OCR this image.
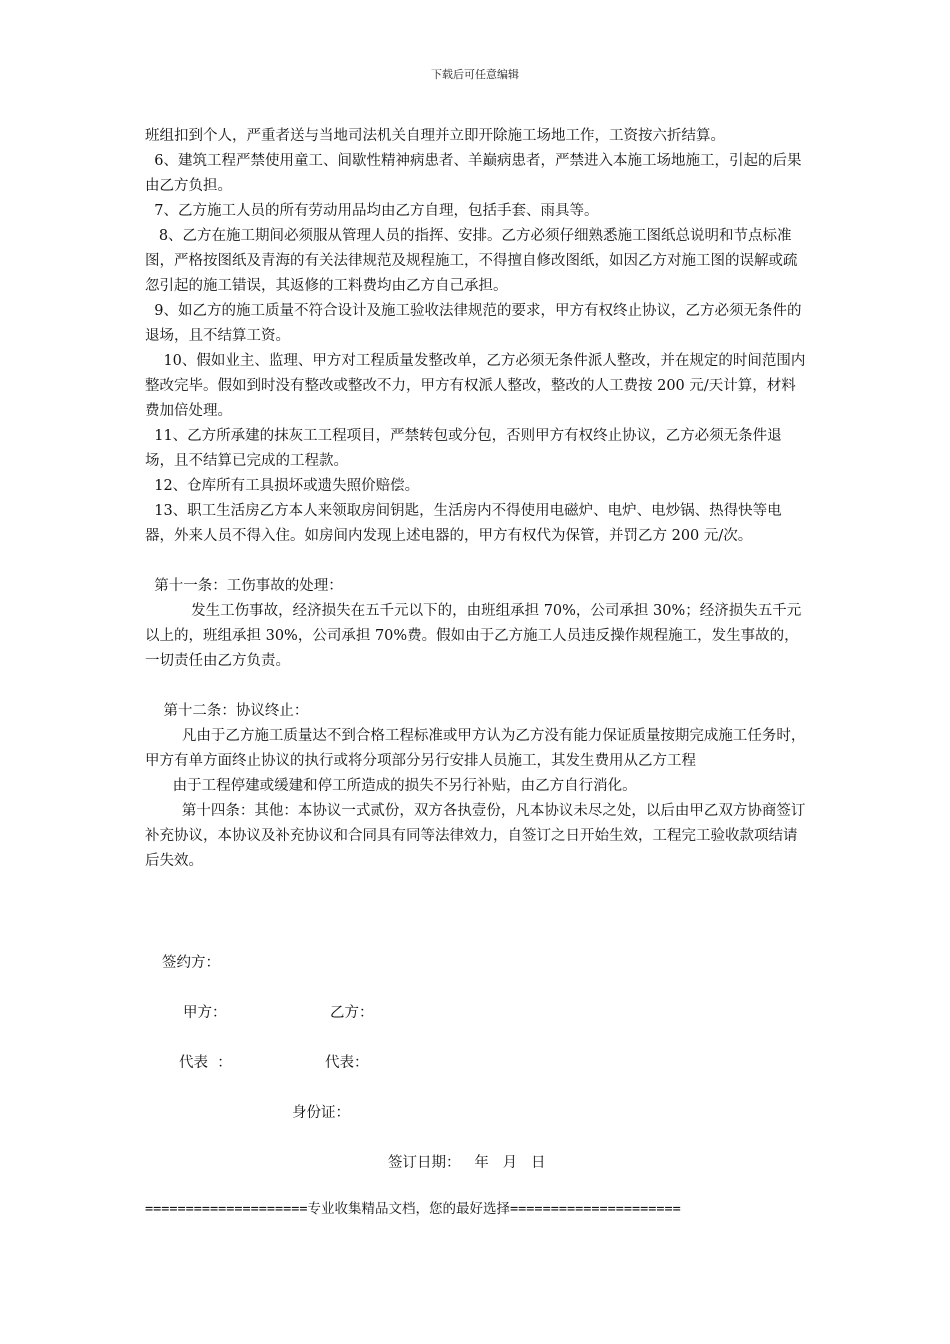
下载后可任意编辑

班组扣到个人，严重者送与当地司法机关自理并立即开除施工场地工作，工资按六折结算。

6、建筑工程严禁使用童工、间歇性精神病患者、羊巅病患者，严禁进入本施工场地施工，引起的后果由乙方负担。

7、乙方施工人员的所有劳动用品均由乙方自理，包括手套、雨具等。

8、乙方在施工期间必须服从管理人员的指挥、安排。乙方必须仔细熟悉施工图纸总说明和节点标准图，严格按图纸及青海的有关法律规范及规程施工，不得擅自修改图纸，如因乙方对施工图的误解或疏忽引起的施工错误，其返修的工料费均由乙方自己承担。

9、如乙方的施工质量不符合设计及施工验收法律规范的要求，甲方有权终止协议，乙方必须无条件的退场，且不结算工资。

10、假如业主、监理、甲方对工程质量发整改单，乙方必须无条件派人整改，并在规定的时间范围内整改完毕。假如到时没有整改或整改不力，甲方有权派人整改，整改的人工费按 200 元/天计算，材料费加倍处理。

11、乙方所承建的抹灰工工程项目，严禁转包或分包，否则甲方有权终止协议，乙方必须无条件退场，且不结算已完成的工程款。

12、仓库所有工具损坏或遗失照价赔偿。

13、职工生活房乙方本人来领取房间钥匙，生活房内不得使用电磁炉、电炉、电炒锅、热得快等电器，外来人员不得入住。如房间内发现上述电器的，甲方有权代为保管，并罚乙方 200 元/次。

第十一条：工伤事故的处理：

发生工伤事故，经济损失在五千元以下的，由班组承担 70%，公司承担 30%；经济损失五千元以上的，班组承担 30%，公司承担 70%费。假如由于乙方施工人员违反操作规程施工，发生事故的，一切责任由乙方负责。

第十二条：协议终止：

凡由于乙方施工质量达不到合格工程标准或甲方认为乙方没有能力保证质量按期完成施工任务时，甲方有单方面终止协议的执行或将分项部分另行安排人员施工，其发生费用从乙方工程

由于工程停建或缓建和停工所造成的损失不另行补贴，由乙方自行消化。

第十四条：其他：本协议一式贰份，双方各执壹份，凡本协议未尽之处，以后由甲乙双方协商签订补充协议，本协议及补充协议和合同具有同等法律效力，自签订之日开始生效，工程完工验收款项结请后失效。

签约方：
甲方：	乙方：
代表  ：	代表：
身份证：
签订日期：   年   月   日
====================专业收集精品文档，您的最好选择=====================
